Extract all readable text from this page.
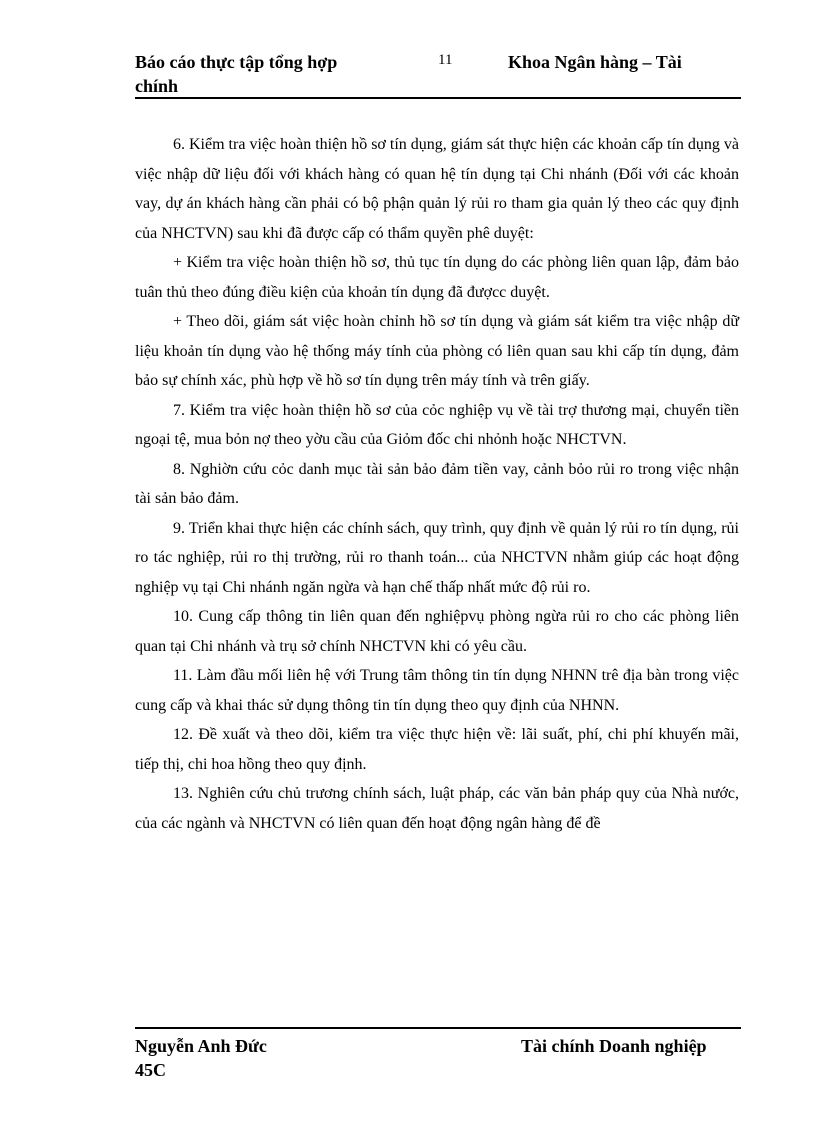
Báo cáo thực tập tổng hợp chính
11	Khoa Ngân hàng – Tài

6. Kiểm tra việc hoàn thiện hồ sơ tín dụng, giám sát thực hiện các khoản cấp tín dụng và việc nhập dữ liệu đối với khách hàng có quan hệ tín dụng tại Chi nhánh (Đối với các khoản vay, dự án khách hàng cần phải có bộ phận quản lý rủi ro tham gia quản lý theo các quy định của NHCTVN) sau khi đã được cấp có thẩm quyền phê duyệt:

+ Kiểm tra việc hoàn thiện hồ sơ, thủ tục tín dụng do các phòng liên quan lập, đảm bảo tuân thủ theo đúng điều kiện của khoản tín dụng đã đượcc duyệt.

+ Theo dõi, giám sát việc hoàn chỉnh hồ sơ tín dụng và giám sát kiểm tra việc nhập dữ liệu khoản tín dụng vào hệ thống máy tính của phòng có liên quan sau khi cấp tín dụng, đảm bảo sự chính xác, phù hợp về hồ sơ tín dụng trên máy tính và trên giấy.

7. Kiểm tra việc hoàn thiện hồ sơ của cỏc nghiệp vụ về tài trợ thương mại, chuyển tiền ngoại tệ, mua bỏn nợ theo yờu cầu của Giỏm đốc chi nhỏnh hoặc NHCTVN.

8. Nghiờn cứu cỏc danh mục tài sản bảo đảm tiền vay, cảnh bỏo rủi ro trong việc nhận tài sản bảo đảm.

9. Triển khai thực hiện các chính sách, quy trình, quy định về quản lý rủi ro tín dụng, rủi ro tác nghiệp, rủi ro thị trường, rủi ro thanh toán... của NHCTVN nhằm giúp các hoạt động nghiệp vụ tại Chi nhánh ngăn ngừa và hạn chế thấp nhất mức độ rủi ro.

10. Cung cấp thông tin liên quan đến nghiệpvụ phòng ngừa rủi ro cho các phòng liên quan tại Chi nhánh và trụ sở chính NHCTVN khi có yêu cầu.

11. Làm đầu mối liên hệ với Trung tâm thông tin tín dụng NHNN trê địa bàn trong việc cung cấp và khai thác sử dụng thông tin tín dụng theo quy định của NHNN.

12. Đề xuất và theo dõi, kiểm tra việc thực hiện về: lãi suất, phí, chi phí khuyến mãi, tiếp thị, chi hoa hồng theo quy định.

13. Nghiên cứu chủ trương chính sách, luật pháp, các văn bản pháp quy của Nhà nước, của các ngành và NHCTVN có liên quan đến hoạt động ngân hàng để đề

Nguyễn Anh Đức 45C
Tài chính Doanh nghiệp
